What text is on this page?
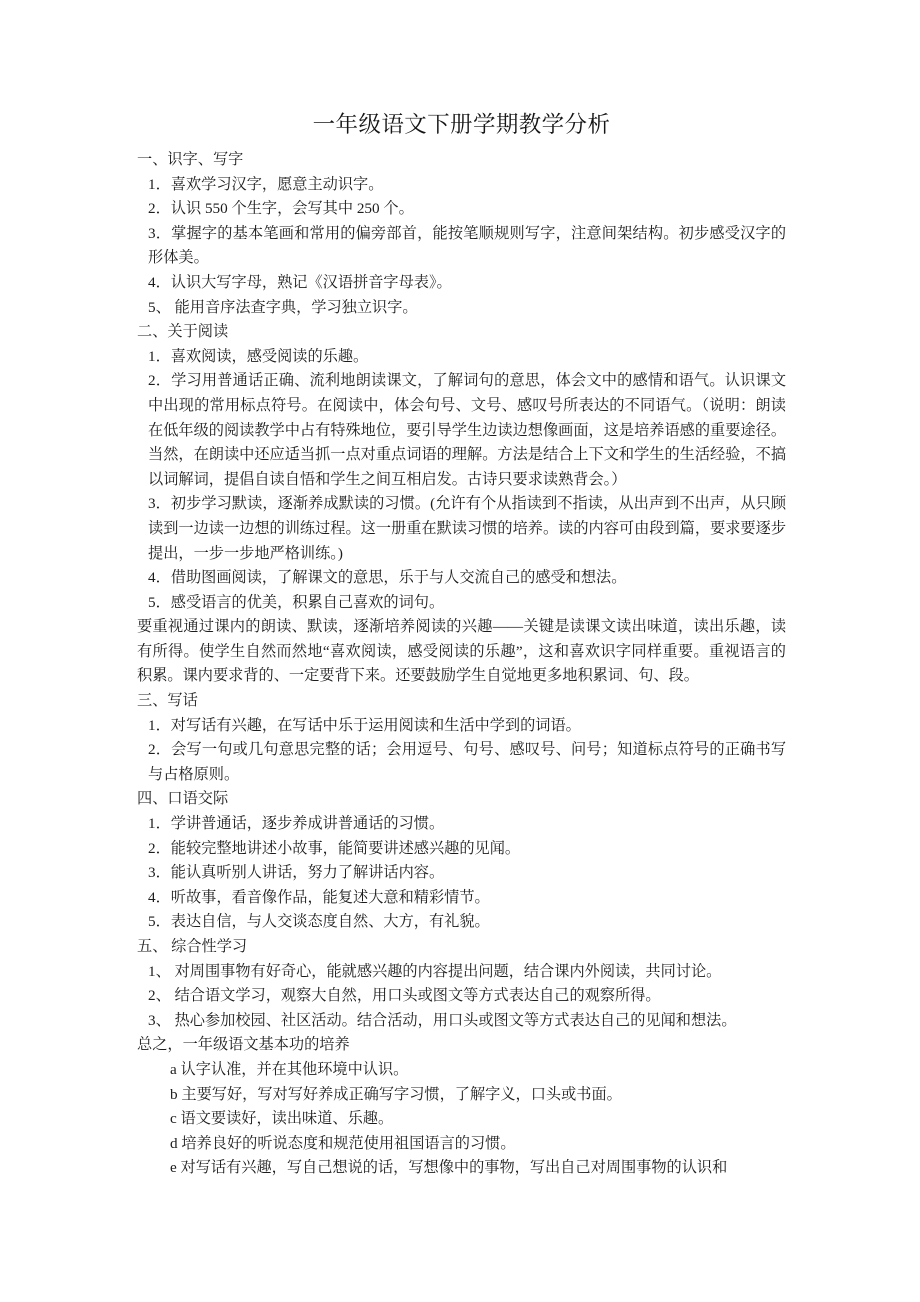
一年级语文下册学期教学分析

一、识字、写字

1．喜欢学习汉字，愿意主动识字。

2．认识 550 个生字，会写其中 250 个。

3．掌握字的基本笔画和常用的偏旁部首，能按笔顺规则写字，注意间架结构。初步感受汉字的形体美。

4．认识大写字母，熟记《汉语拼音字母表》。

5、 能用音序法查字典，学习独立识字。

二、关于阅读

1．喜欢阅读，感受阅读的乐趣。

2．学习用普通话正确、流利地朗读课文，了解词句的意思，体会文中的感情和语气。认识课文中出现的常用标点符号。在阅读中，体会句号、文号、感叹号所表达的不同语气。（说明：朗读在低年级的阅读教学中占有特殊地位，要引导学生边读边想像画面，这是培养语感的重要途径。当然，在朗读中还应适当抓一点对重点词语的理解。方法是结合上下文和学生的生活经验，不搞以词解词，提倡自读自悟和学生之间互相启发。古诗只要求读熟背会。）

3．初步学习默读，逐渐养成默读的习惯。(允许有个从指读到不指读，从出声到不出声，从只顾读到一边读一边想的训练过程。这一册重在默读习惯的培养。读的内容可由段到篇，要求要逐步提出，一步一步地严格训练。)

4．借助图画阅读，了解课文的意思，乐于与人交流自己的感受和想法。

5．感受语言的优美，积累自己喜欢的词句。

要重视通过课内的朗读、默读，逐渐培养阅读的兴趣——关键是读课文读出味道，读出乐趣，读有所得。使学生自然而然地“喜欢阅读，感受阅读的乐趣”，这和喜欢识字同样重要。重视语言的积累。课内要求背的、一定要背下来。还要鼓励学生自觉地更多地积累词、句、段。

三、写话

1．对写话有兴趣，在写话中乐于运用阅读和生活中学到的词语。

2．会写一句或几句意思完整的话；会用逗号、句号、感叹号、问号；知道标点符号的正确书写与占格原则。

四、口语交际

1．学讲普通话，逐步养成讲普通话的习惯。

2．能较完整地讲述小故事，能简要讲述感兴趣的见闻。

3．能认真听别人讲话，努力了解讲话内容。

4．听故事，看音像作品，能复述大意和精彩情节。

5．表达自信，与人交谈态度自然、大方，有礼貌。

五、 综合性学习

1、 对周围事物有好奇心，能就感兴趣的内容提出问题，结合课内外阅读，共同讨论。

2、 结合语文学习，观察大自然，用口头或图文等方式表达自己的观察所得。

3、 热心参加校园、社区活动。结合活动，用口头或图文等方式表达自己的见闻和想法。

总之，一年级语文基本功的培养

a 认字认准，并在其他环境中认识。

b 主要写好，写对写好养成正确写字习惯，了解字义，口头或书面。

c 语文要读好，读出味道、乐趣。

d 培养良好的听说态度和规范使用祖国语言的习惯。

e 对写话有兴趣，写自己想说的话，写想像中的事物，写出自己对周围事物的认识和
